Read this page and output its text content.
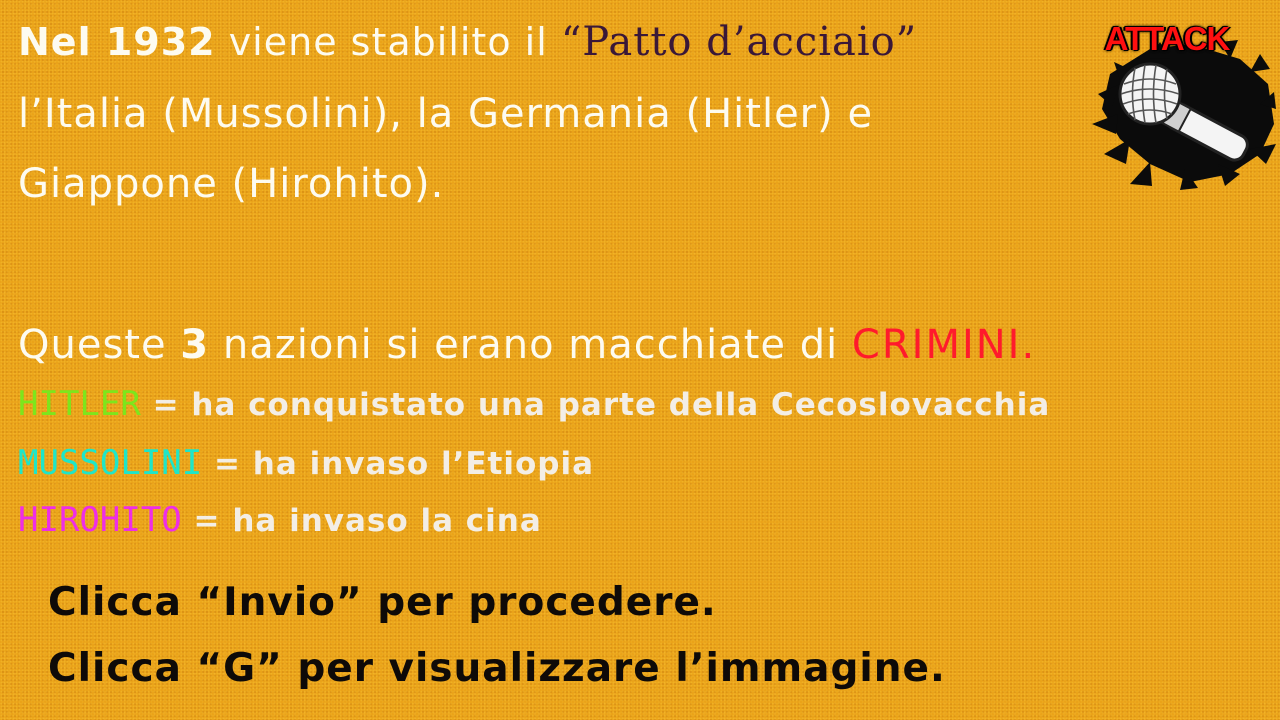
Nel 1932 viene stabilito il “Patto d’acciaio”
l’Italia (Mussolini), la Germania (Hitler) e
Giappone (Hirohito).
Queste 3 nazioni si erano macchiate di CRIMINI.
HITLER = ha conquistato una parte della Cecoslovacchia
MUSSOLINI = ha invaso l’Etiopia
HIROHITO = ha invaso la cina
Clicca “Invio” per procedere.
Clicca “G” per visualizzare l’immagine.
ATTACK
